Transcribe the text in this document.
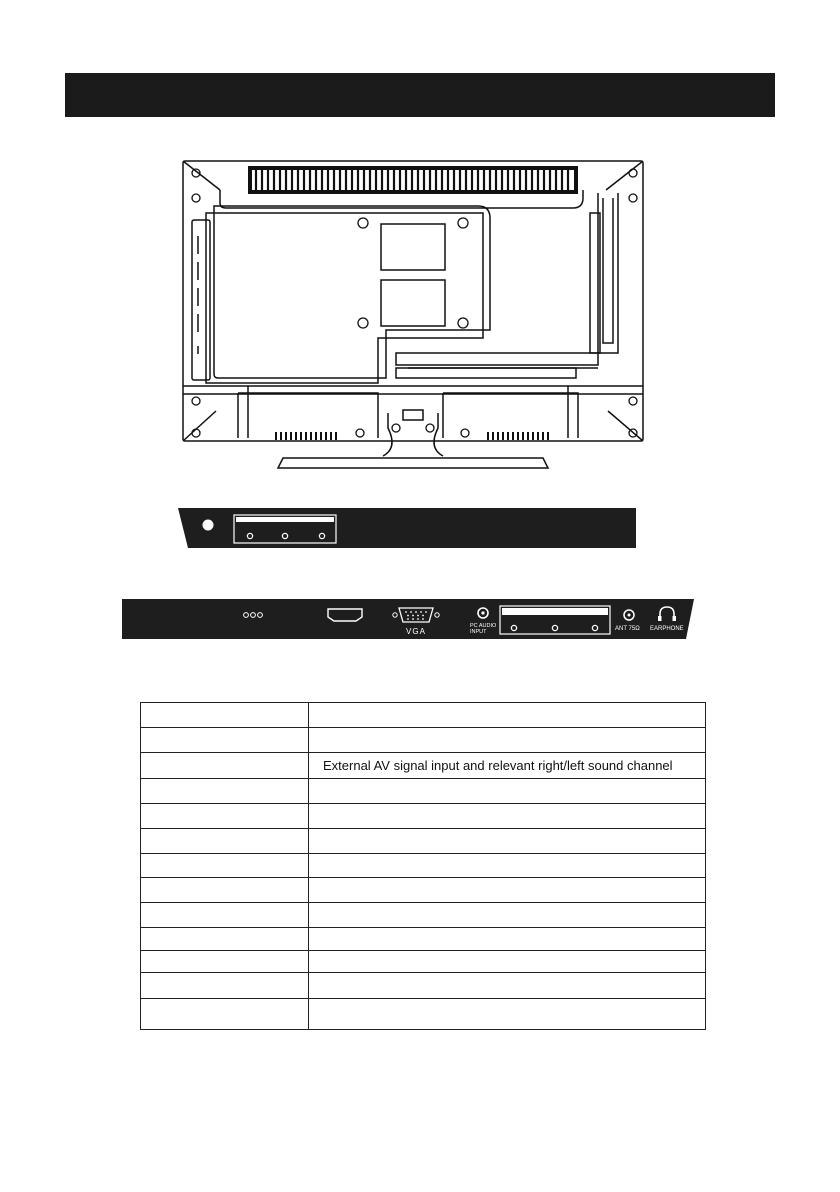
VGA
PC AUDIO
INPUT	ANT 75Ω EARPHONE

	External AV signal input and relevant right/left sound channel
